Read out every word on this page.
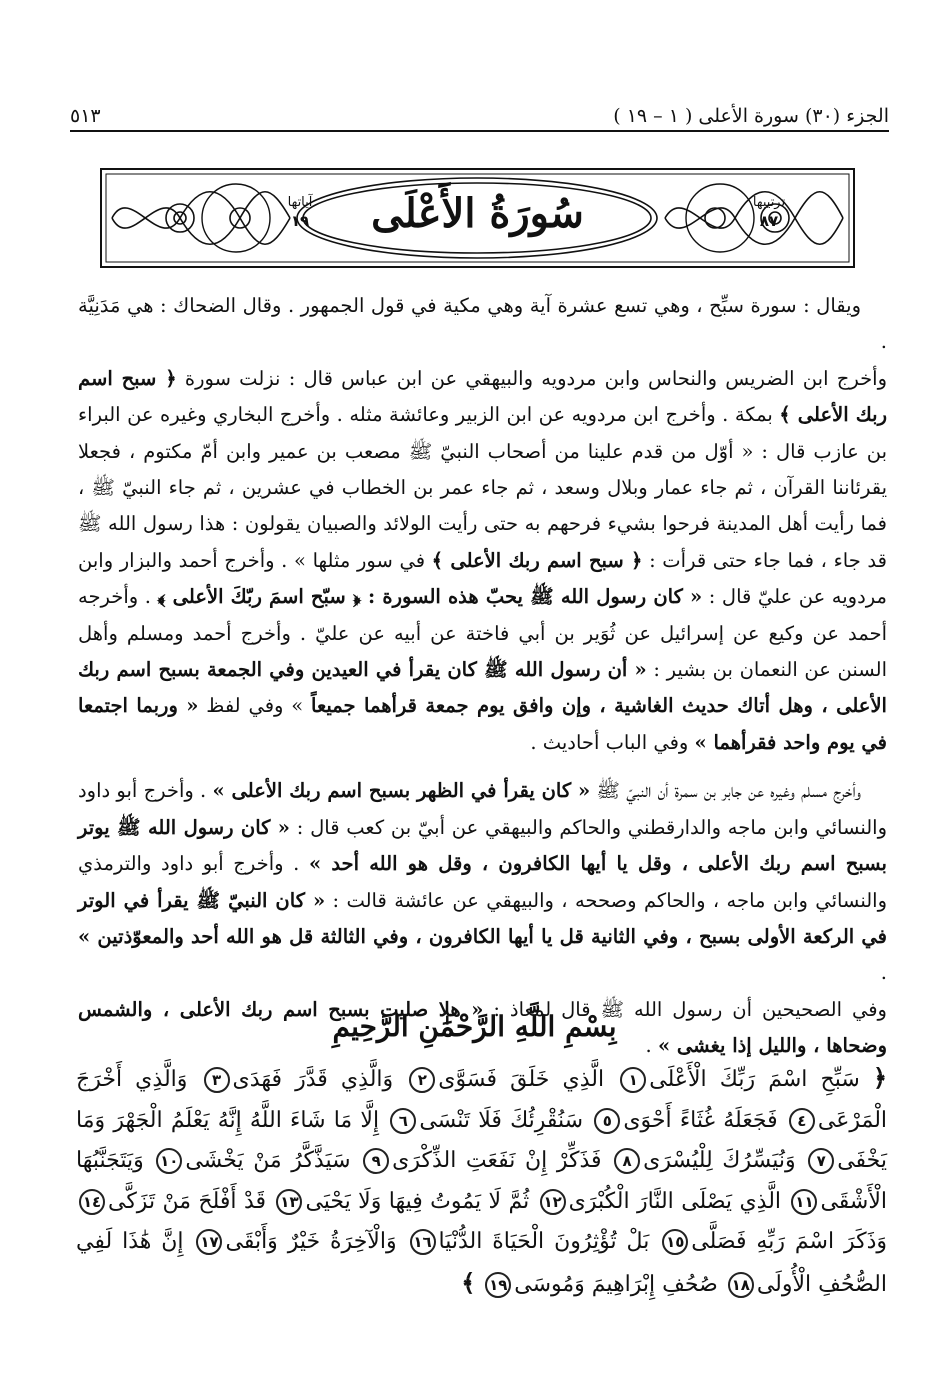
الجزء (٣٠) سورة الأعلى ( ١ – ١٩ )
٥١٣
سُورَةُ الأَعْلَى	ترتيبها
٨٧
آياتها
١٩

ويقال : سورة سبِّح ، وهي تسع عشرة آية وهي مكية في قول الجمهور . وقال الضحاك : هي مَدَنِيَّة .

وأخرج ابن الضريس والنحاس وابن مردويه والبيهقي عن ابن عباس قال : نزلت سورة ﴿ سبح اسم ربك الأعلى ﴾ بمكة . وأخرج ابن مردويه عن ابن الزبير وعائشة مثله . وأخرج البخاري وغيره عن البراء بن عازب قال : « أوّل من قدم علينا من أصحاب النبيّ ﷺ مصعب بن عمير وابن أمّ مكتوم ، فجعلا يقرئاننا القرآن ، ثم جاء عمار وبلال وسعد ، ثم جاء عمر بن الخطاب في عشرين ، ثم جاء النبيّ ﷺ ، فما رأيت أهل المدينة فرحوا بشيء فرحهم به حتى رأيت الولائد والصبيان يقولون : هذا رسول الله ﷺ قد جاء ، فما جاء حتى قرأت : ﴿ سبح اسم ربك الأعلى ﴾ في سور مثلها » . وأخرج أحمد والبزار وابن مردويه عن عليّ قال : « كان رسول الله ﷺ يحبّ هذه السورة : ﴿ سبّح اسمَ ربّكَ الأعلى ﴾ . وأخرجه أحمد عن وكيع عن إسرائيل عن ثُوَير بن أبي فاختة عن أبيه عن عليّ . وأخرج أحمد ومسلم وأهل السنن عن النعمان بن بشير : « أن رسول الله ﷺ كان يقرأ في العيدين وفي الجمعة بسبح اسم ربك الأعلى ، وهل أتاك حديث الغاشية ، وإن وافق يوم جمعة قرأهما جميعاً » وفي لفظ « وربما اجتمعا في يوم واحد فقرأهما » وفي الباب أحاديث .

وأخرج مسلم وغيره عن جابر بن سمرة أن النبيّ ﷺ « كان يقرأ في الظهر بسبح اسم ربك الأعلى » . وأخرج أبو داود والنسائي وابن ماجه والدارقطني والحاكم والبيهقي عن أبيّ بن كعب قال : « كان رسول الله ﷺ يوتر بسبح اسم ربك الأعلى ، وقل يا أيها الكافرون ، وقل هو الله أحد » . وأخرج أبو داود والترمذي والنسائي وابن ماجه ، والحاكم وصححه ، والبيهقي عن عائشة قالت : « كان النبيّ ﷺ يقرأ في الوتر في الركعة الأولى بسبح ، وفي الثانية قل يا أيها الكافرون ، وفي الثالثة قل هو الله أحد والمعوّذتين » .

وفي الصحيحين أن رسول الله ﷺ قال لمعاذ : « هلا صليت بسبح اسم ربك الأعلى ، والشمس وضحاها ، والليل إذا يغشى » .

بِسْمِ اللَّهِ الرَّحْمَٰنِ الرَّحِيمِ
﴿ سَبِّحِ اسْمَ رَبِّكَ الْأَعْلَى١ الَّذِي خَلَقَ فَسَوَّى٢ وَالَّذِي قَدَّرَ فَهَدَى٣ وَالَّذِي أَخْرَجَ الْمَرْعَى٤ فَجَعَلَهُ غُثَاءً أَحْوَى٥ سَنُقْرِئُكَ فَلَا تَنْسَى٦ إِلَّا مَا شَاءَ اللَّهُ إِنَّهُ يَعْلَمُ الْجَهْرَ وَمَا يَخْفَى٧ وَنُيَسِّرُكَ لِلْيُسْرَى٨ فَذَكِّرْ إِنْ نَفَعَتِ الذِّكْرَى٩ سَيَذَّكَّرُ مَنْ يَخْشَى١٠ وَيَتَجَنَّبُهَا الْأَشْقَى١١ الَّذِي يَصْلَى النَّارَ الْكُبْرَى١٢ ثُمَّ لَا يَمُوتُ فِيهَا وَلَا يَحْيَى١٣ قَدْ أَفْلَحَ مَنْ تَزَكَّى١٤ وَذَكَرَ اسْمَ رَبِّهِ فَصَلَّى١٥ بَلْ تُؤْثِرُونَ الْحَيَاةَ الدُّنْيَا١٦ وَالْآخِرَةُ خَيْرٌ وَأَبْقَى١٧ إِنَّ هَٰذَا لَفِي الصُّحُفِ الْأُولَى١٨ صُحُفِ إِبْرَاهِيمَ وَمُوسَى١٩ ﴾
